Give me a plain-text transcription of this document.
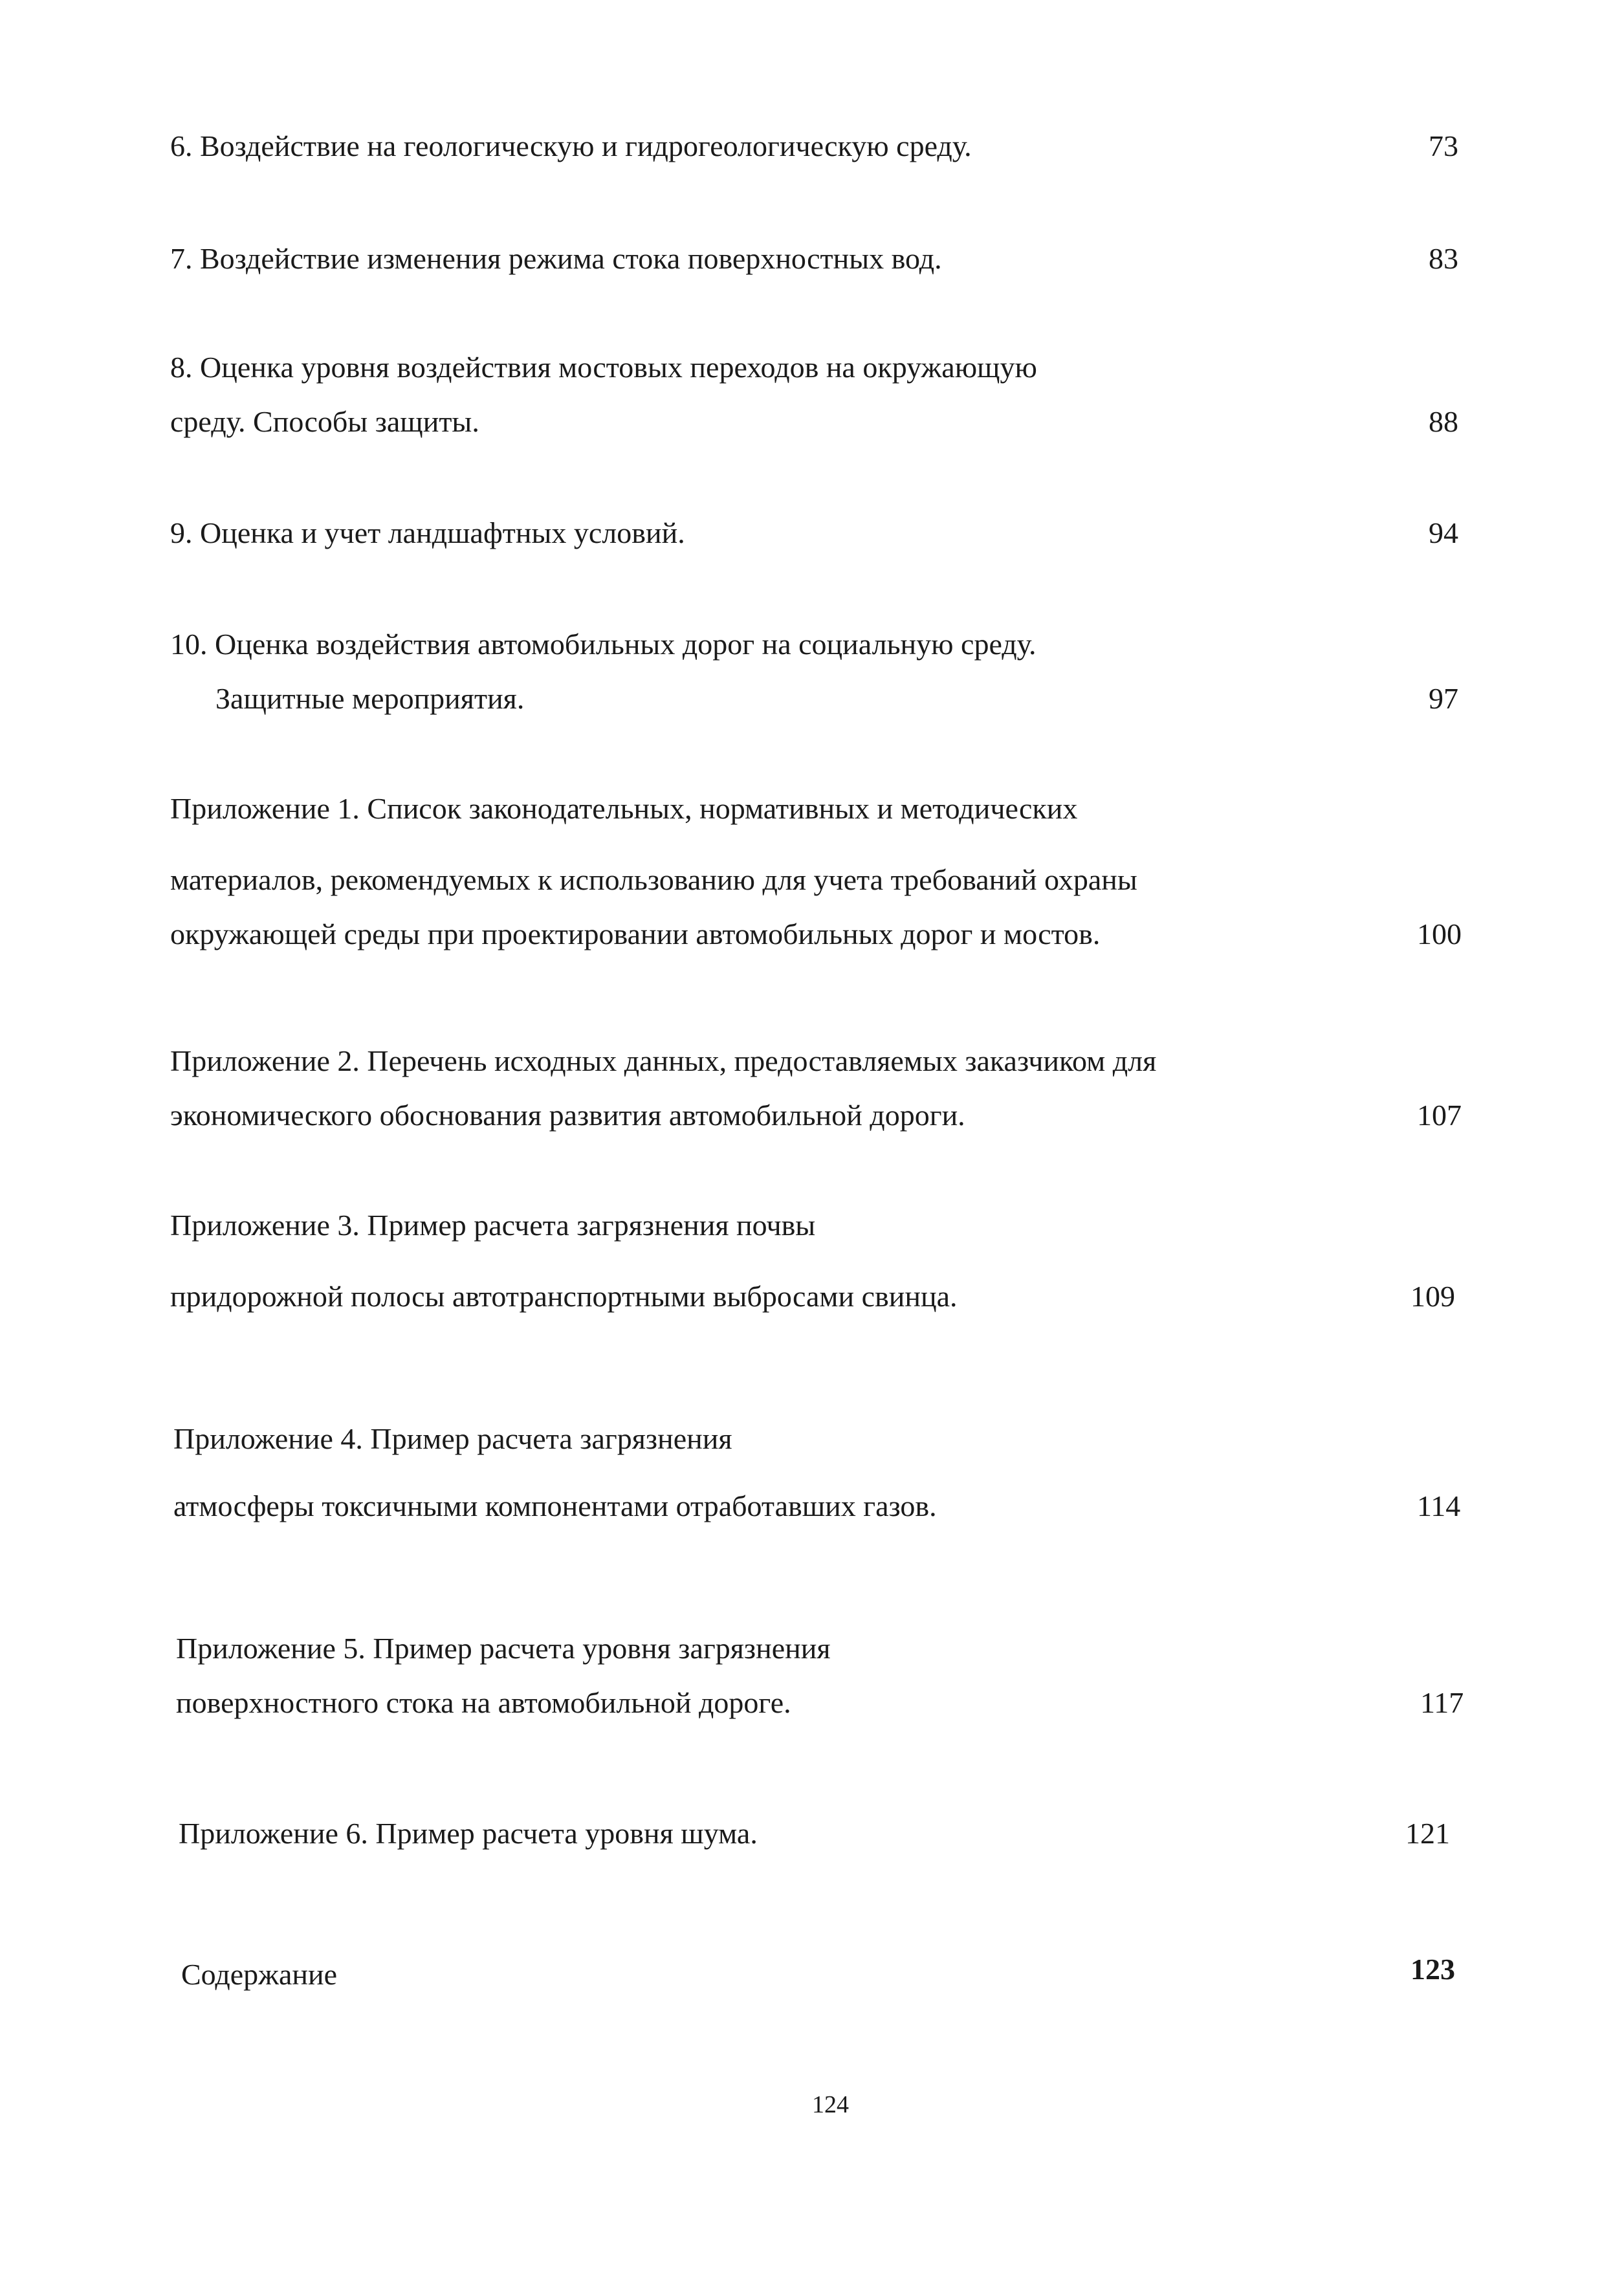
6. Воздействие на геологическую и гидрогеологическую среду.	73
7. Воздействие изменения режима стока поверхностных вод.	83
8. Оценка уровня воздействия мостовых переходов на окружающую
среду. Способы защиты.	88
9. Оценка и учет ландшафтных условий.	94
10. Оценка воздействия автомобильных дорог на социальную среду.
Защитные мероприятия.	97
Приложение 1. Список законодательных, нормативных и методических
материалов, рекомендуемых к использованию для учета требований охраны
окружающей среды при проектировании автомобильных дорог и мостов.	100
Приложение 2. Перечень исходных данных, предоставляемых заказчиком для
экономического обоснования развития автомобильной дороги.	107
Приложение 3. Пример расчета загрязнения почвы
придорожной полосы автотранспортными выбросами свинца.	109
Приложение 4. Пример расчета загрязнения
атмосферы токсичными компонентами отработавших газов.	114
Приложение 5. Пример расчета уровня загрязнения
поверхностного стока на автомобильной дороге.	117
Приложение 6. Пример расчета уровня шума.	121
Содержание	123
124
